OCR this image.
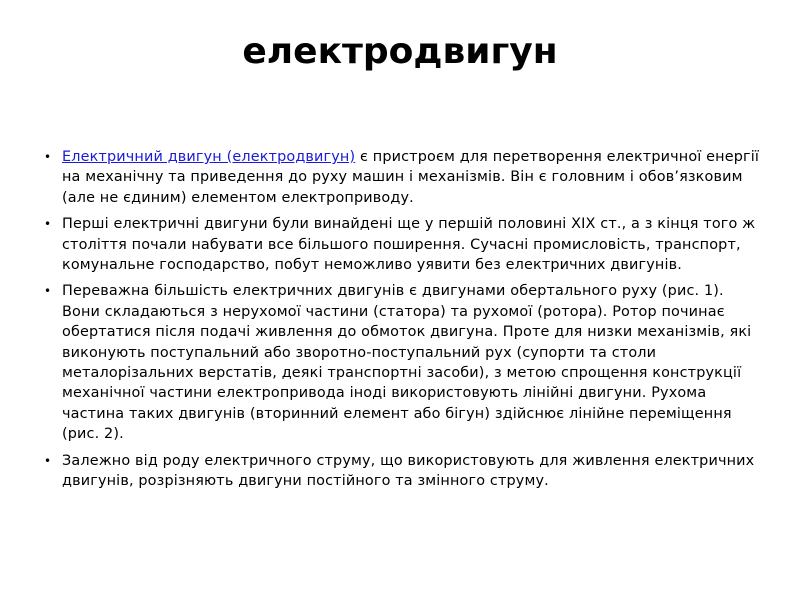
електродвигун
• Електричний двигун (електродвигун) є пристроєм для перетворення електричної енергії на механічну та приведення до руху машин і механізмів. Він є головним і обов’язковим (але не єдиним) елементом електроприводу.
• Перші електричні двигуни були винайдені ще у першій половині XIX ст., а з кінця того ж століття почали набувати все більшого поширення. Сучасні промисловість, транспорт, комунальне господарство, побут неможливо уявити без електричних двигунів.
• Переважна більшість електричних двигунів є двигунами обертального руху (рис. 1). Вони складаються з нерухомої частини (статора) та рухомої (ротора). Ротор починає обертатися після подачі живлення до обмоток двигуна. Проте для низки механізмів, які виконують поступальний або зворотно-поступальний рух (супорти та столи металорізальних верстатів, деякі транспортні засоби), з метою спрощення конструкції механічної частини електропривода іноді використовують лінійні двигуни. Рухома частина таких двигунів (вторинний елемент або бігун) здійснює лінійне переміщення (рис. 2).
• Залежно від роду електричного струму, що використовують для живлення електричних двигунів, розрізняють двигуни постійного та змінного струму.
